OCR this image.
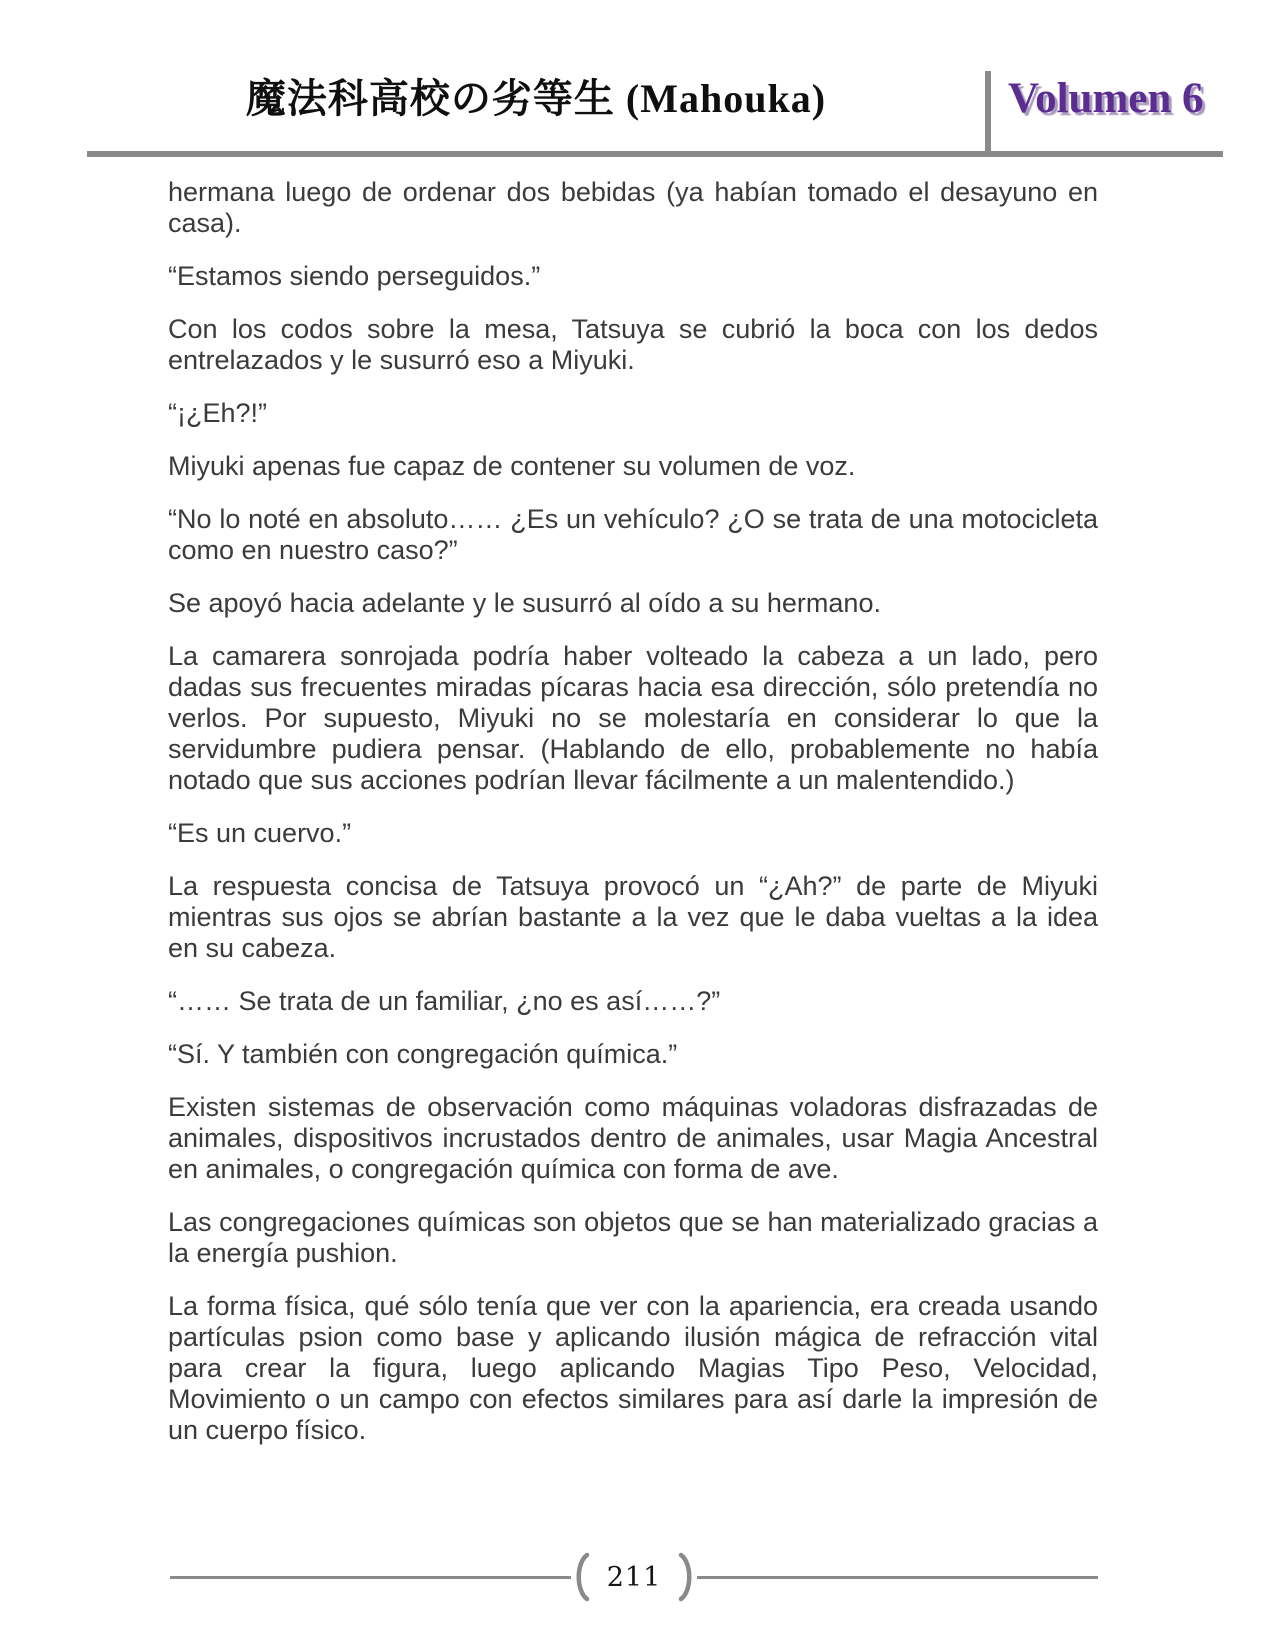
魔法科高校の劣等生 (Mahouka)	Volumen 6

hermana luego de ordenar dos bebidas (ya habían tomado el desayuno en casa).

“Estamos siendo perseguidos.”

Con los codos sobre la mesa, Tatsuya se cubrió la boca con los dedos entrelazados y le susurró eso a Miyuki.

“¡¿Eh?!”

Miyuki apenas fue capaz de contener su volumen de voz.

“No lo noté en absoluto…… ¿Es un vehículo? ¿O se trata de una motocicleta como en nuestro caso?”

Se apoyó hacia adelante y le susurró al oído a su hermano.

La camarera sonrojada podría haber volteado la cabeza a un lado, pero dadas sus frecuentes miradas pícaras hacia esa dirección, sólo pretendía no verlos. Por supuesto, Miyuki no se molestaría en considerar lo que la servidumbre pudiera pensar. (Hablando de ello, probablemente no había notado que sus acciones podrían llevar fácilmente a un malentendido.)

“Es un cuervo.”

La respuesta concisa de Tatsuya provocó un “¿Ah?” de parte de Miyuki mientras sus ojos se abrían bastante a la vez que le daba vueltas a la idea en su cabeza.

“…… Se trata de un familiar, ¿no es así……?”

“Sí. Y también con congregación química.”

Existen sistemas de observación como máquinas voladoras disfrazadas de animales, dispositivos incrustados dentro de animales, usar Magia Ancestral en animales, o congregación química con forma de ave.

Las congregaciones químicas son objetos que se han materializado gracias a la energía pushion.

La forma física, qué sólo tenía que ver con la apariencia, era creada usando partículas psion como base y aplicando ilusión mágica de refracción vital para crear la figura, luego aplicando Magias Tipo Peso, Velocidad, Movimiento o un campo con efectos similares para así darle la impresión de un cuerpo físico.

211
